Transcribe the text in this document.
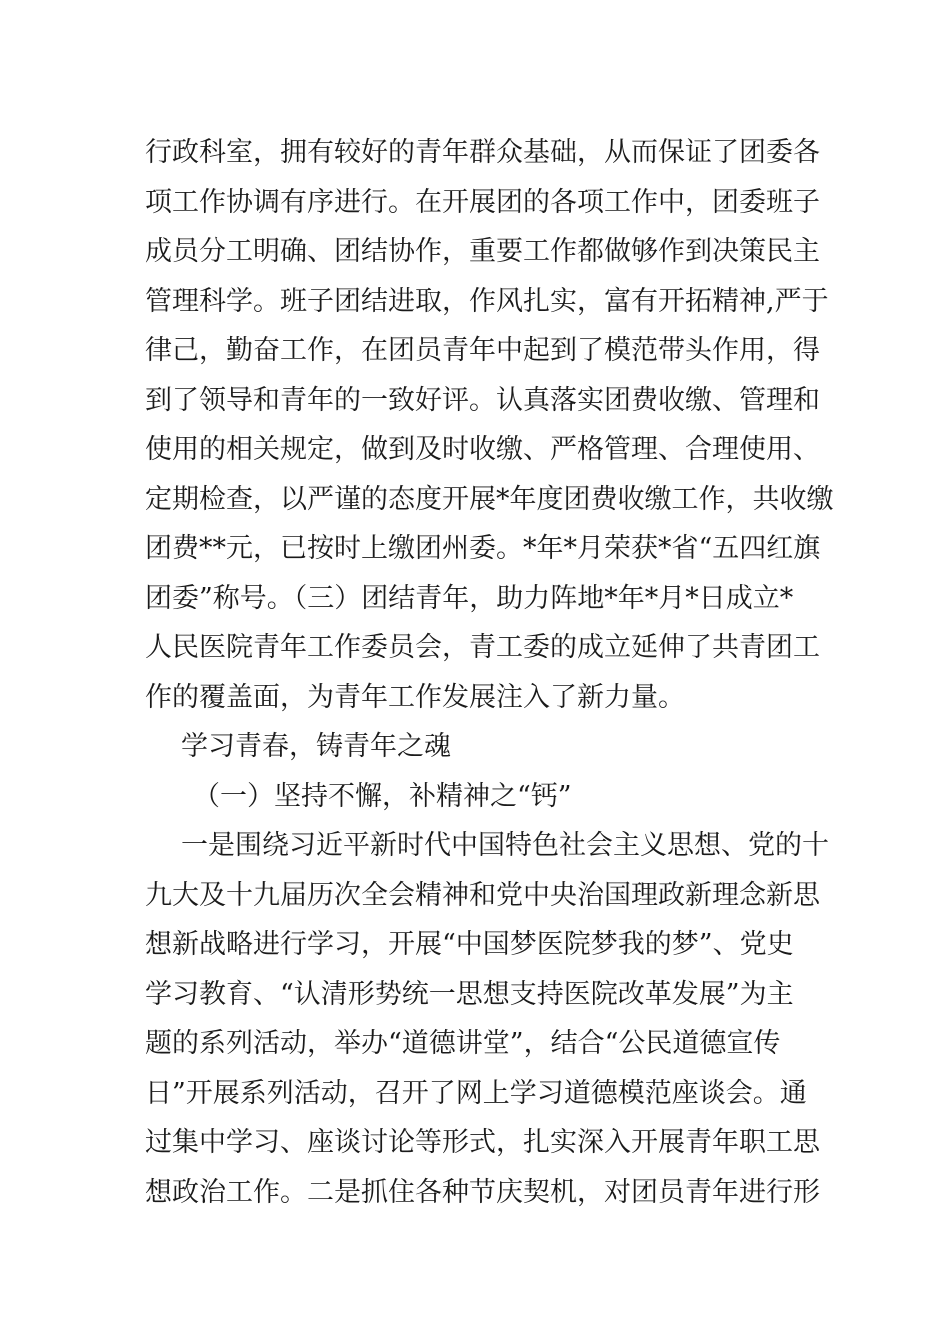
行政科室，拥有较好的青年群众基础，从而保证了团委各
项工作协调有序进行。在开展团的各项工作中，团委班子
成员分工明确、团结协作，重要工作都做够作到决策民主
管理科学。班子团结进取，作风扎实，富有开拓精神,严于
律己，勤奋工作，在团员青年中起到了模范带头作用，得
到了领导和青年的一致好评。认真落实团费收缴、管理和
使用的相关规定，做到及时收缴、严格管理、合理使用、
定期检查，以严谨的态度开展*年度团费收缴工作，共收缴
团费**元，已按时上缴团州委。*年*月荣获*省“五四红旗
团委”称号。（三）团结青年，助力阵地*年*月*日成立*
人民医院青年工作委员会，青工委的成立延伸了共青团工
作的覆盖面，为青年工作发展注入了新力量。
学习青春，铸青年之魂
（一）坚持不懈，补精神之“钙”
一是围绕习近平新时代中国特色社会主义思想、党的十
九大及十九届历次全会精神和党中央治国理政新理念新思
想新战略进行学习，开展“中国梦医院梦我的梦”、党史
学习教育、“认清形势统一思想支持医院改革发展”为主
题的系列活动，举办“道德讲堂”，结合“公民道德宣传
日”开展系列活动，召开了网上学习道德模范座谈会。通
过集中学习、座谈讨论等形式，扎实深入开展青年职工思
想政治工作。二是抓住各种节庆契机，对团员青年进行形
